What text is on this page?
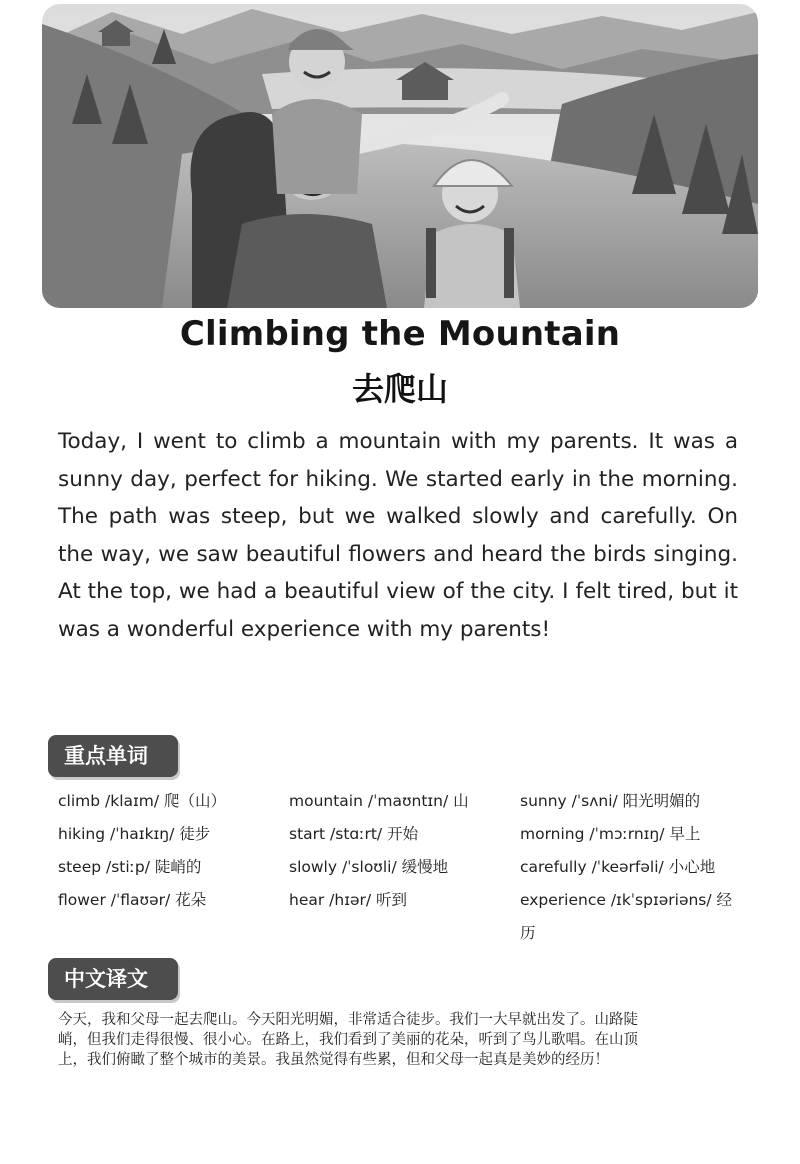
Climbing the Mountain
去爬山

Today, I went to climb a mountain with my parents. It was a sunny day, perfect for hiking. We started early in the morning. The path was steep, but we walked slowly and carefully. On the way, we saw beautiful flowers and heard the birds singing. At the top, we had a beautiful view of the city. I felt tired, but it was a wonderful experience with my parents!

重点单词
climb /klaɪm/ 爬（山）
hiking /ˈhaɪkɪŋ/ 徒步
steep /stiːp/ 陡峭的
flower /ˈflaʊər/ 花朵
mountain /ˈmaʊntɪn/ 山
start /stɑːrt/ 开始
slowly /ˈsloʊli/ 缓慢地
hear /hɪər/ 听到
sunny /ˈsʌni/ 阳光明媚的
morning /ˈmɔːrnɪŋ/ 早上
carefully /ˈkeərfəli/ 小心地
experience /ɪkˈspɪəriəns/ 经历
中文译文

今天，我和父母一起去爬山。今天阳光明媚，非常适合徒步。我们一大早就出发了。山路陡峭，但我们走得很慢、很小心。在路上，我们看到了美丽的花朵，听到了鸟儿歌唱。在山顶上，我们俯瞰了整个城市的美景。我虽然觉得有些累，但和父母一起真是美妙的经历！
